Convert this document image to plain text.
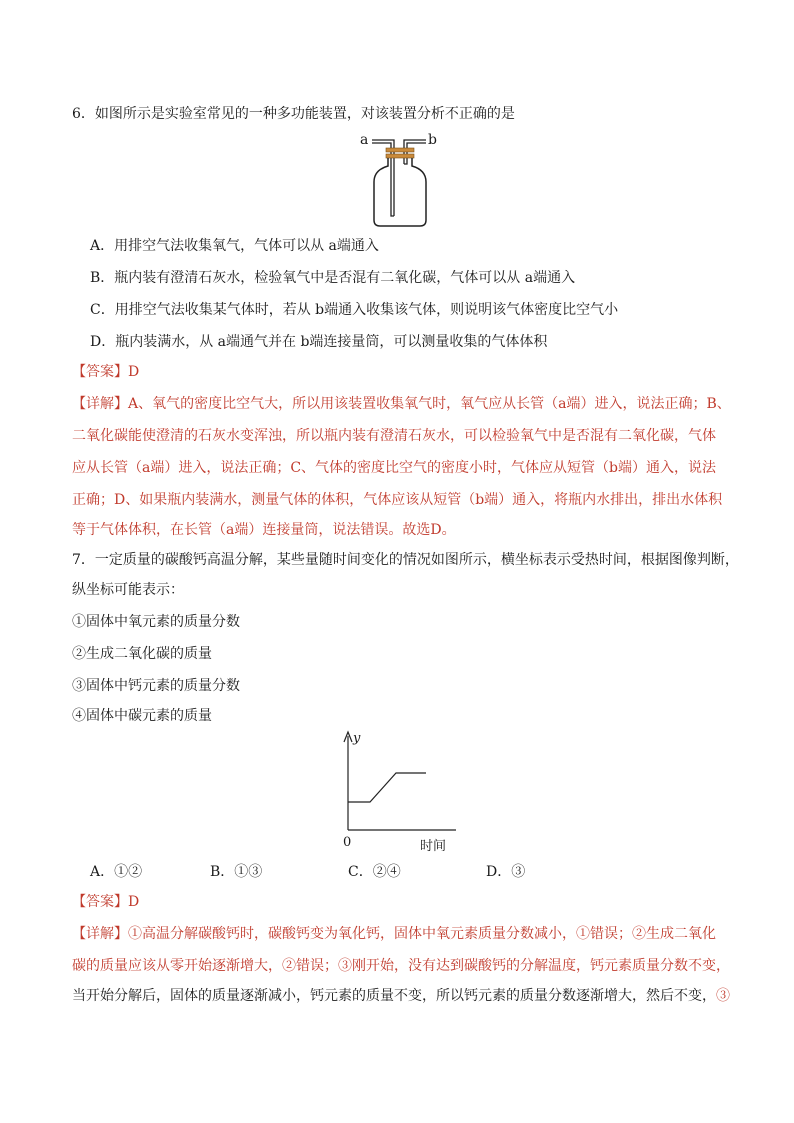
6．如图所示是实验室常见的一种多功能装置，对该装置分析不正确的是
a	b
A．用排空气法收集氧气，气体可以从 a端通入
B．瓶内装有澄清石灰水，检验氧气中是否混有二氧化碳，气体可以从 a端通入
C．用排空气法收集某气体时，若从 b端通入收集该气体，则说明该气体密度比空气小
D．瓶内装满水，从 a端通气并在 b端连接量筒，可以测量收集的气体体积
【答案】D
【详解】A、氧气的密度比空气大，所以用该装置收集氧气时，氧气应从长管（a端）进入，说法正确；B、
二氧化碳能使澄清的石灰水变浑浊，所以瓶内装有澄清石灰水，可以检验氧气中是否混有二氧化碳，气体
应从长管（a端）进入，说法正确；C、气体的密度比空气的密度小时，气体应从短管（b端）通入，说法
正确；D、如果瓶内装满水，测量气体的体积，气体应该从短管（b端）通入，将瓶内水排出，排出水体积
等于气体体积，在长管（a端）连接量筒，说法错误。故选D。
7．一定质量的碳酸钙高温分解，某些量随时间变化的情况如图所示，横坐标表示受热时间，根据图像判断，
纵坐标可能表示：
①固体中氧元素的质量分数
②生成二氧化碳的质量
③固体中钙元素的质量分数
④固体中碳元素的质量
y
0	时间
A．①②	B．①③	C．②④	D．③
【答案】D
【详解】①高温分解碳酸钙时，碳酸钙变为氧化钙，固体中氧元素质量分数减小，①错误；②生成二氧化
碳的质量应该从零开始逐渐增大，②错误；③刚开始，没有达到碳酸钙的分解温度，钙元素质量分数不变，
当开始分解后，固体的质量逐渐减小，钙元素的质量不变，所以钙元素的质量分数逐渐增大，然后不变，③
